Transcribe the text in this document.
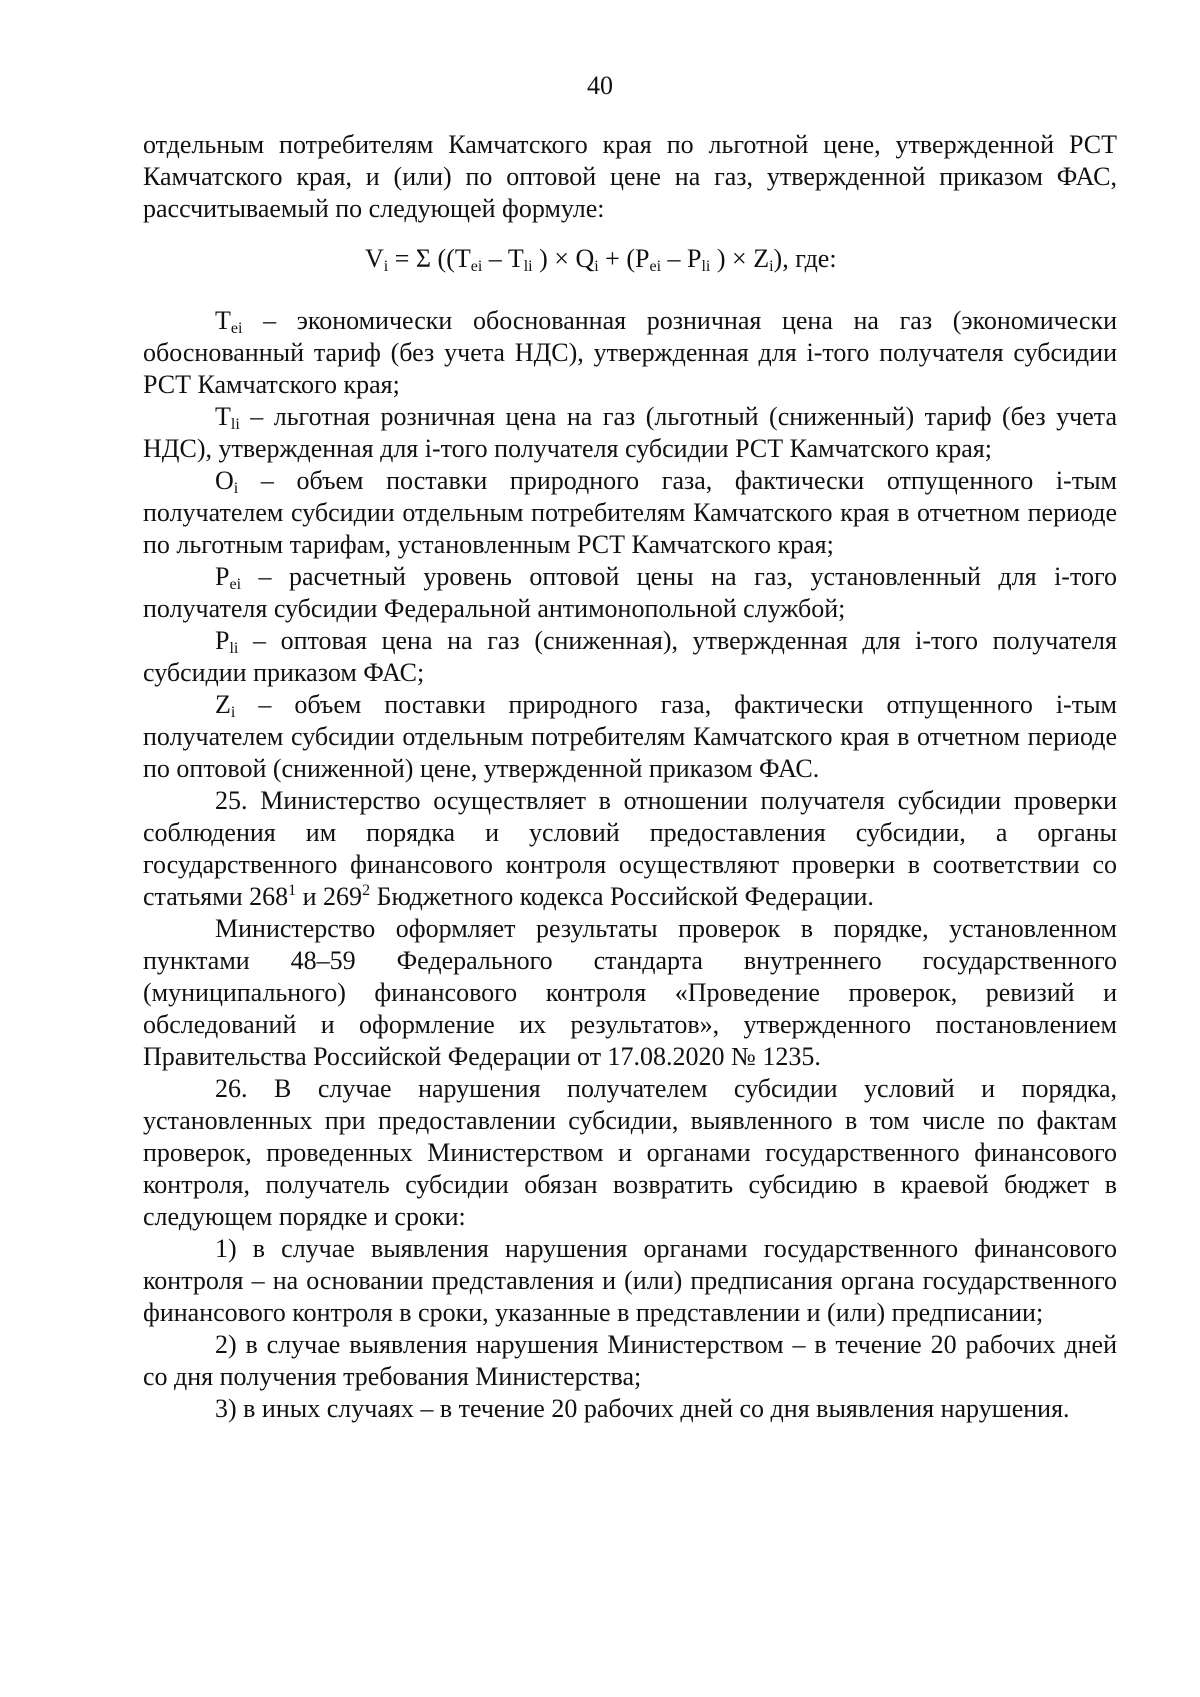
40

отдельным потребителям Камчатского края по льготной цене, утвержденной РСТ Камчатского края, и (или) по оптовой цене на газ, утвержденной приказом ФАС, рассчитываемый по следующей формуле:

$V_i = \Sigma$ (($T_{ei} - T_{li}$ ) × $Q_i + (P_{ei} - P_{li}$ ) × $Z_i$), где:

$T_{ei}$ – экономически обоснованная розничная цена на газ (экономически обоснованный тариф (без учета НДС), утвержденная для i-того получателя субсидии РСТ Камчатского края;

$T_{li}$ – льготная розничная цена на газ (льготный (сниженный) тариф (без учета НДС), утвержденная для i-того получателя субсидии РСТ Камчатского края;

$O_i$ – объем поставки природного газа, фактически отпущенного i-тым получателем субсидии отдельным потребителям Камчатского края в отчетном периоде по льготным тарифам, установленным РСТ Камчатского края;

$P_{ei}$ – расчетный уровень оптовой цены на газ, установленный для i-того получателя субсидии Федеральной антимонопольной службой;

$P_{li}$ – оптовая цена на газ (сниженная), утвержденная для i-того получателя субсидии приказом ФАС;

$Z_i$ – объем поставки природного газа, фактически отпущенного i-тым получателем субсидии отдельным потребителям Камчатского края в отчетном периоде по оптовой (сниженной) цене, утвержденной приказом ФАС.

25. Министерство осуществляет в отношении получателя субсидии проверки соблюдения им порядка и условий предоставления субсидии, а органы государственного финансового контроля осуществляют проверки в соответствии со статьями $268^1$ и $269^2$ Бюджетного кодекса Российской Федерации.

Министерство оформляет результаты проверок в порядке, установленном пунктами 48–59 Федерального стандарта внутреннего государственного (муниципального) финансового контроля «Проведение проверок, ревизий и обследований и оформление их результатов», утвержденного постановлением Правительства Российской Федерации от 17.08.2020 № 1235.

26. В случае нарушения получателем субсидии условий и порядка, установленных при предоставлении субсидии, выявленного в том числе по фактам проверок, проведенных Министерством и органами государственного финансового контроля, получатель субсидии обязан возвратить субсидию в краевой бюджет в следующем порядке и сроки:

1) в случае выявления нарушения органами государственного финансового контроля – на основании представления и (или) предписания органа государственного финансового контроля в сроки, указанные в представлении и (или) предписании;

2) в случае выявления нарушения Министерством – в течение 20 рабочих дней со дня получения требования Министерства;

3) в иных случаях – в течение 20 рабочих дней со дня выявления нарушения.
